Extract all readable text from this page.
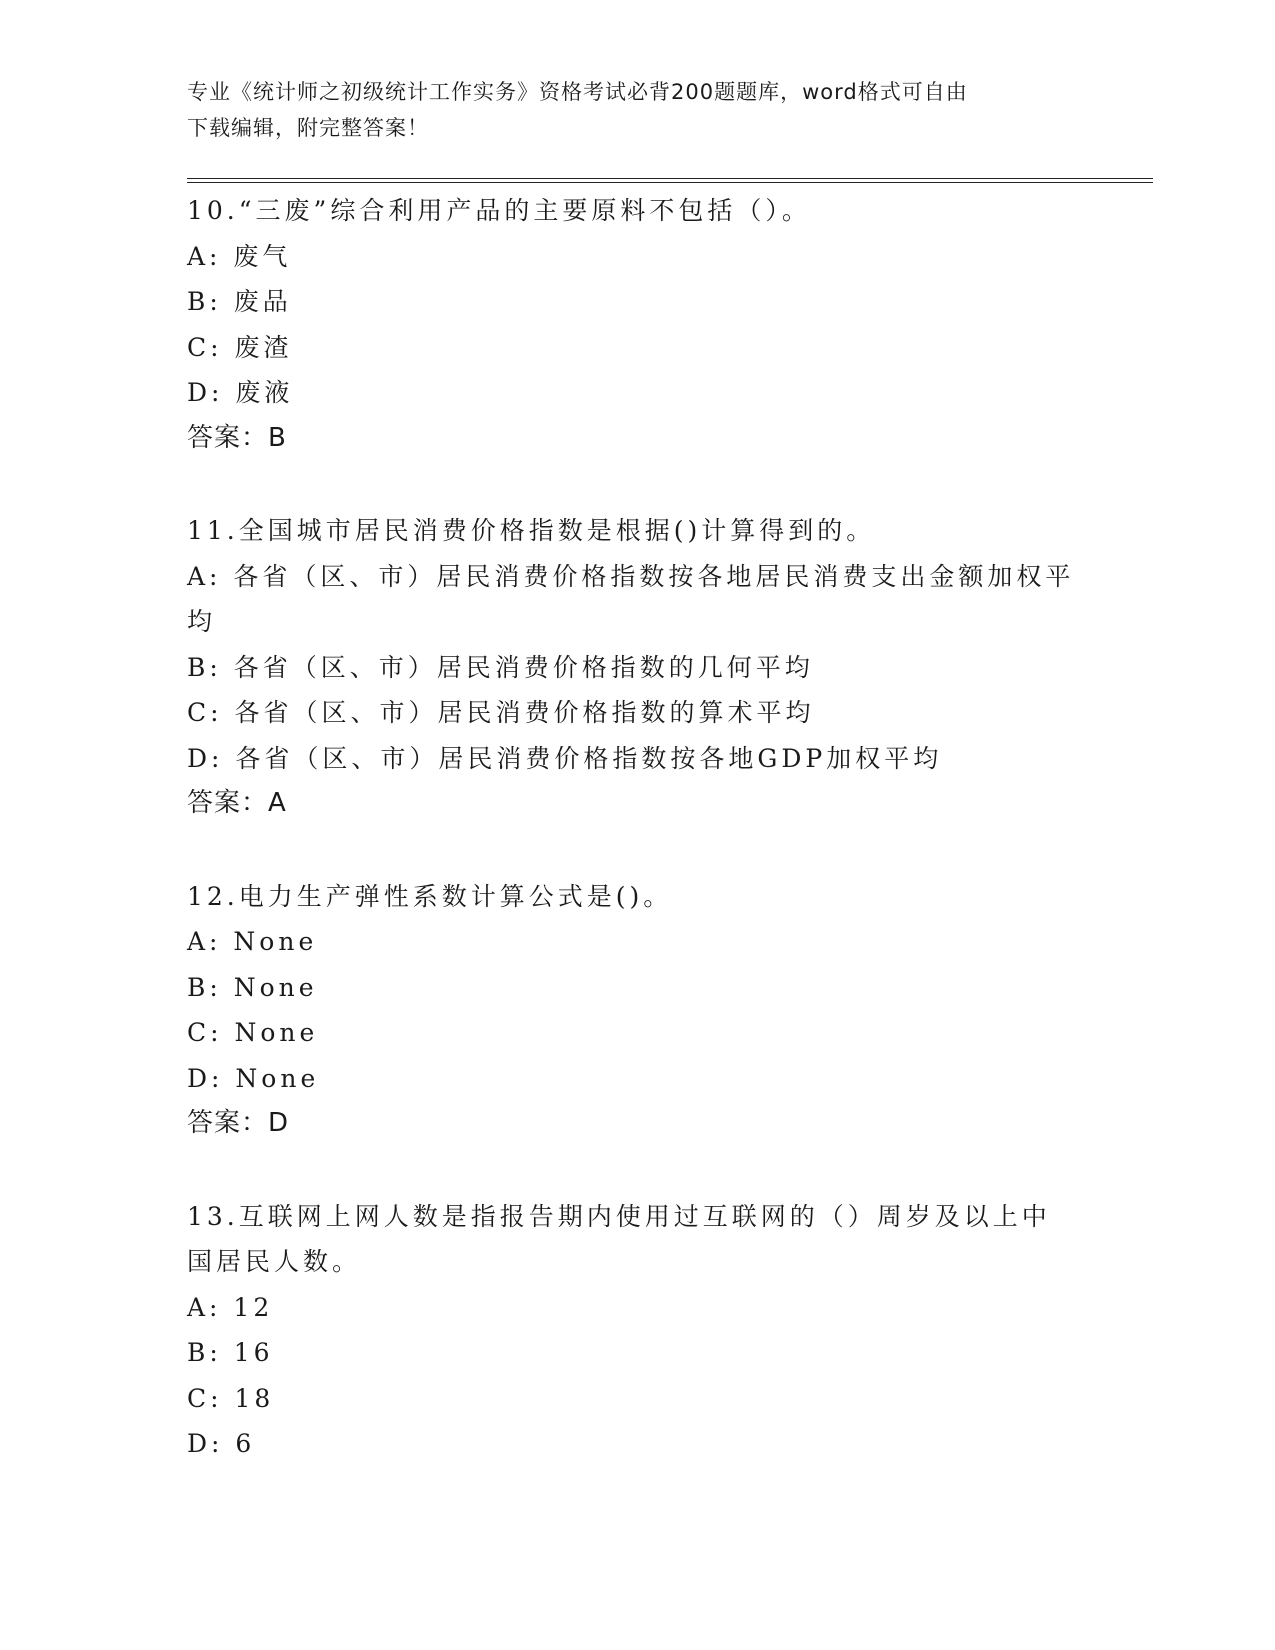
专业《统计师之初级统计工作实务》资格考试必背200题题库，word格式可自由
下载编辑，附完整答案！
10.“三废”综合利用产品的主要原料不包括（）。
A: 废气
B: 废品
C: 废渣
D: 废液
答案：B
11.全国城市居民消费价格指数是根据()计算得到的。
A: 各省（区、市）居民消费价格指数按各地居民消费支出金额加权平均
B: 各省（区、市）居民消费价格指数的几何平均
C: 各省（区、市）居民消费价格指数的算术平均
D: 各省（区、市）居民消费价格指数按各地GDP加权平均
答案：A
12.电力生产弹性系数计算公式是()。
A: None
B: None
C: None
D: None
答案：D
13.互联网上网人数是指报告期内使用过互联网的（）周岁及以上中国居民人数。
A: 12
B: 16
C: 18
D: 6
